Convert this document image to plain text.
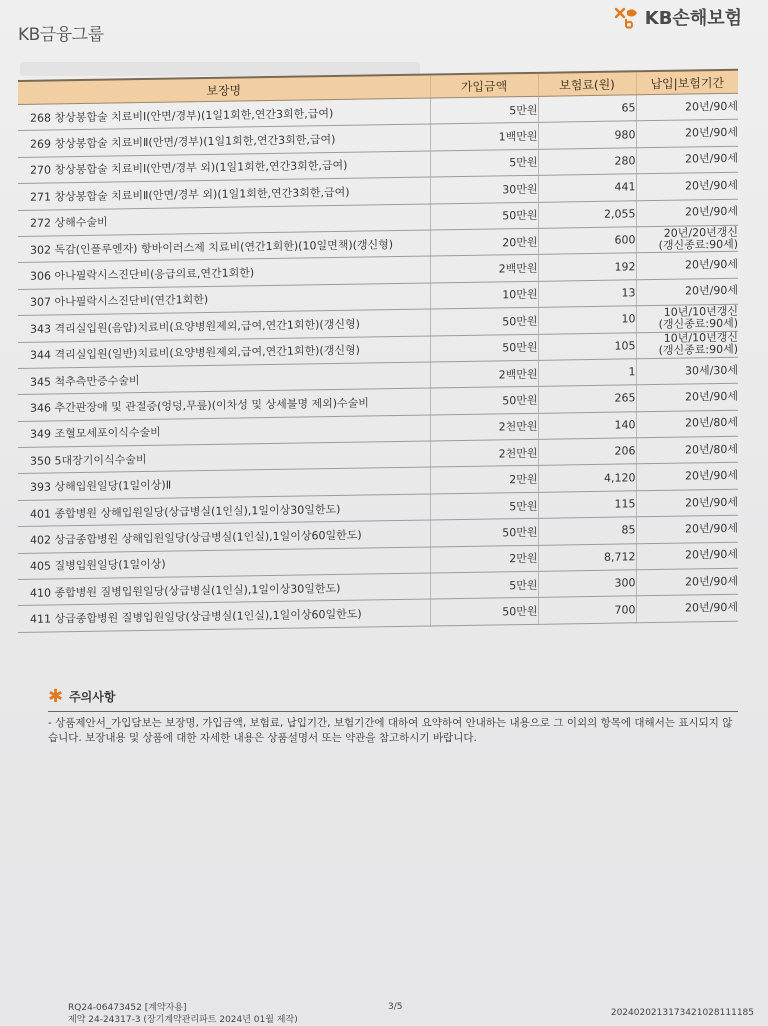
KB금융그룹
KB손해보험
보장명	가입금액	보험료(원)	납입|보험기간
268 창상봉합술 치료비Ⅰ(안면/경부)(1일1회한,연간3회한,급여)	5만원	65	20년/90세
269 창상봉합술 치료비Ⅱ(안면/경부)(1일1회한,연간3회한,급여)	1백만원	980	20년/90세
270 창상봉합술 치료비Ⅰ(안면/경부 외)(1일1회한,연간3회한,급여)	5만원	280	20년/90세
271 창상봉합술 치료비Ⅱ(안면/경부 외)(1일1회한,연간3회한,급여)	30만원	441	20년/90세
272 상해수술비	50만원	2,055	20년/90세
302 독감(인플루엔자) 항바이러스제 치료비(연간1회한)(10일면책)(갱신형)	20만원	600	20년/20년갱신
(갱신종료:90세)

306 아나필락시스진단비(응급의료,연간1회한)	2백만원	192	20년/90세
307 아나필락시스진단비(연간1회한)	10만원	13	20년/90세
343 격리실입원(음압)치료비(요양병원제외,급여,연간1회한)(갱신형)	50만원	10	10년/10년갱신
(갱신종료:90세)

344 격리실입원(일반)치료비(요양병원제외,급여,연간1회한)(갱신형)	50만원	105	10년/10년갱신
(갱신종료:90세)

345 척추측만증수술비	2백만원	1	30세/30세
346 추간판장애 및 관절증(엉덩,무릎)(이차성 및 상세불명 제외)수술비	50만원	265	20년/90세
349 조혈모세포이식수술비	2천만원	140	20년/80세
350 5대장기이식수술비	2천만원	206	20년/80세
393 상해입원일당(1일이상)Ⅱ	2만원	4,120	20년/90세
401 종합병원 상해입원일당(상급병실(1인실),1일이상30일한도)	5만원	115	20년/90세
402 상급종합병원 상해입원일당(상급병실(1인실),1일이상60일한도)	50만원	85	20년/90세
405 질병입원일당(1일이상)	2만원	8,712	20년/90세
410 종합병원 질병입원일당(상급병실(1인실),1일이상30일한도)	5만원	300	20년/90세
411 상급종합병원 질병입원일당(상급병실(1인실),1일이상60일한도)	50만원	700	20년/90세
✱ 주의사항
- 상품제안서_가입담보는 보장명, 가입금액, 보험료, 납입기간, 보험기간에 대하여 요약하여 안내하는 내용으로 그 이외의 항목에 대해서는 표시되지 않습니다. 보장내용 및 상품에 대한 자세한 내용은 상품설명서 또는 약관을 참고하시기 바랍니다.
RQ24-06473452 [계약자용]
제약 24-24317-3 (장기계약관리파트 2024년 01월 제작)
3/5
2024020213173421028111185
